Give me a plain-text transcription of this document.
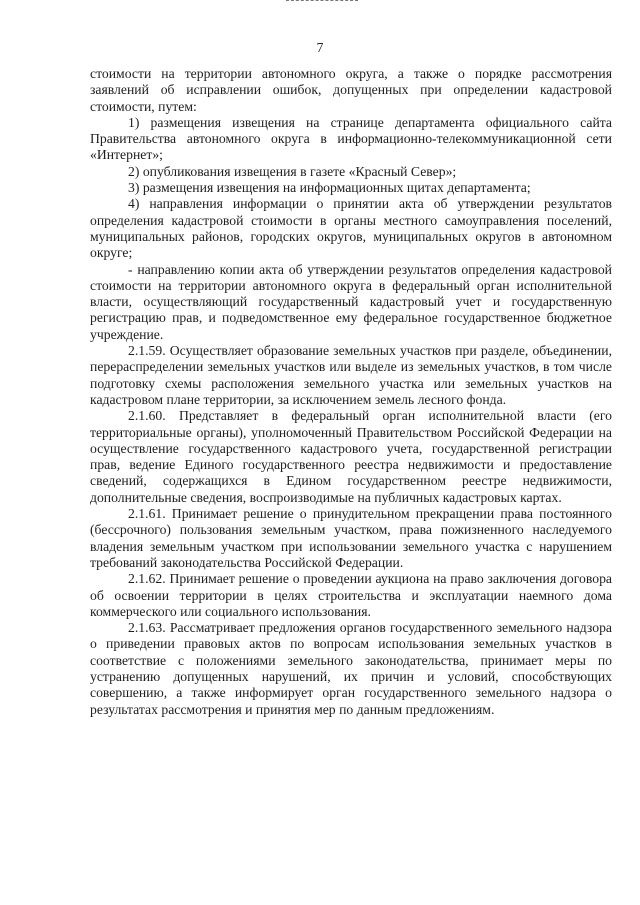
7

стоимости на территории автономного округа, а также о порядке рассмотрения заявлений об исправлении ошибок, допущенных при определении кадастровой стоимости, путем:

1) размещения извещения на странице департамента официального сайта Правительства автономного округа в информационно-телекоммуникационной сети «Интернет»;

2) опубликования извещения в газете «Красный Север»;

3) размещения извещения на информационных щитах департамента;

4) направления информации о принятии акта об утверждении результатов определения кадастровой стоимости в органы местного самоуправления поселений, муниципальных районов, городских округов, муниципальных округов в автономном округе;

- направлению копии акта об утверждении результатов определения кадастровой стоимости на территории автономного округа в федеральный орган исполнительной власти, осуществляющий государственный кадастровый учет и государственную регистрацию прав, и подведомственное ему федеральное государственное бюджетное учреждение.

2.1.59. Осуществляет образование земельных участков при разделе, объединении, перераспределении земельных участков или выделе из земельных участков, в том числе подготовку схемы расположения земельного участка или земельных участков на кадастровом плане территории, за исключением земель лесного фонда.

2.1.60. Представляет в федеральный орган исполнительной власти (его территориальные органы), уполномоченный Правительством Российской Федерации на осуществление государственного кадастрового учета, государственной регистрации прав, ведение Единого государственного реестра недвижимости и предоставление сведений, содержащихся в Едином государственном реестре недвижимости, дополнительные сведения, воспроизводимые на публичных кадастровых картах.

2.1.61. Принимает решение о принудительном прекращении права постоянного (бессрочного) пользования земельным участком, права пожизненного наследуемого владения земельным участком при использовании земельного участка с нарушением требований законодательства Российской Федерации.

2.1.62. Принимает решение о проведении аукциона на право заключения договора об освоении территории в целях строительства и эксплуатации наемного дома коммерческого или социального использования.

2.1.63. Рассматривает предложения органов государственного земельного надзора о приведении правовых актов по вопросам использования земельных участков в соответствие с положениями земельного законодательства, принимает меры по устранению допущенных нарушений, их причин и условий, способствующих совершению, а также информирует орган государственного земельного надзора о результатах рассмотрения и принятия мер по данным предложениям.
